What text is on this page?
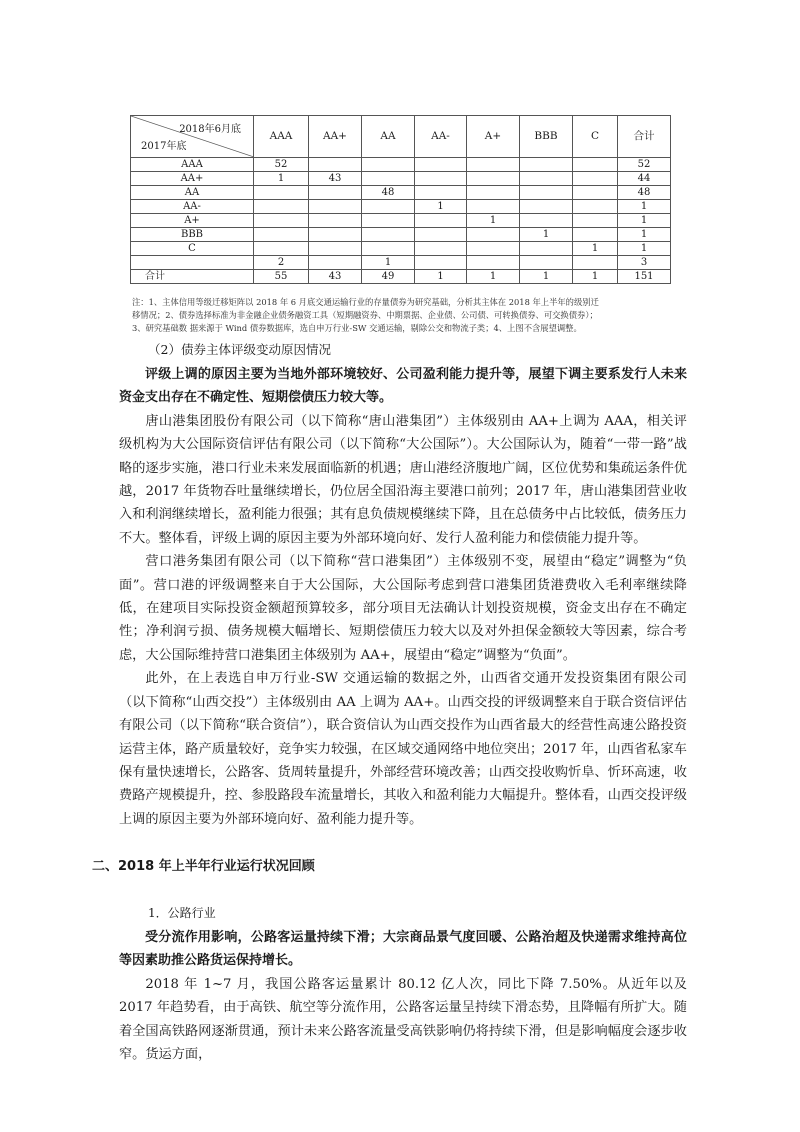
2018年6月底
2017年底	AAA	AA+	AA	AA-	A+	BBB	C	合计
AAA	52							52
AA+	1	43						44
AA			48					48
AA-				1				1
A+					1			1
BBB						1		1
C							1	1
	2		1					3
合计	55	43	49	1	1	1	1	151

注：1、主体信用等级迁移矩阵以 2018 年 6 月底交通运输行业的存量债券为研究基础，分析其主体在 2018 年上半年的级别迁

移情况；2、债券选择标准为非金融企业债务融资工具（短期融资券、中期票据、企业债、公司债、可转换债券、可交换债券）；

3、研究基础数 据来源于 Wind 债券数据库，选自申万行业-SW 交通运输，剔除公交和物流子类；4、上图不含展望调整。

（2）债券主体评级变动原因情况

评级上调的原因主要为当地外部环境较好、公司盈利能力提升等，展望下调主要系发行人未来资金支出存在不确定性、短期偿债压力较大等。

唐山港集团股份有限公司（以下简称“唐山港集团”）主体级别由 AA+上调为 AAA，相关评级机构为大公国际资信评估有限公司（以下简称“大公国际”）。大公国际认为，随着“一带一路”战略的逐步实施，港口行业未来发展面临新的机遇；唐山港经济腹地广阔，区位优势和集疏运条件优越，2017 年货物吞吐量继续增长，仍位居全国沿海主要港口前列；2017 年，唐山港集团营业收入和利润继续增长，盈利能力很强；其有息负债规模继续下降，且在总债务中占比较低，债务压力不大。整体看，评级上调的原因主要为外部环境向好、发行人盈利能力和偿债能力提升等。

营口港务集团有限公司（以下简称“营口港集团”）主体级别不变，展望由“稳定”调整为“负面”。营口港的评级调整来自于大公国际，大公国际考虑到营口港集团货港费收入毛利率继续降低，在建项目实际投资金额超预算较多，部分项目无法确认计划投资规模，资金支出存在不确定性；净利润亏损、债务规模大幅增长、短期偿债压力较大以及对外担保金额较大等因素，综合考虑，大公国际维持营口港集团主体级别为 AA+，展望由“稳定”调整为“负面”。

此外，在上表选自申万行业-SW 交通运输的数据之外，山西省交通开发投资集团有限公司（以下简称“山西交投”）主体级别由 AA 上调为 AA+。山西交投的评级调整来自于联合资信评估有限公司（以下简称“联合资信”），联合资信认为山西交投作为山西省最大的经营性高速公路投资运营主体，路产质量较好，竞争实力较强，在区域交通网络中地位突出；2017 年，山西省私家车保有量快速增长，公路客、货周转量提升，外部经营环境改善；山西交投收购忻阜、忻环高速，收费路产规模提升，控、参股路段车流量增长，其收入和盈利能力大幅提升。整体看，山西交投评级上调的原因主要为外部环境向好、盈利能力提升等。

二、2018 年上半年行业运行状况回顾
1．公路行业

受分流作用影响，公路客运量持续下滑；大宗商品景气度回暖、公路治超及快递需求维持高位等因素助推公路货运保持增长。

2018 年 1~7 月，我国公路客运量累计 80.12 亿人次，同比下降 7.50%。从近年以及 2017 年趋势看，由于高铁、航空等分流作用，公路客运量呈持续下滑态势，且降幅有所扩大。随着全国高铁路网逐渐贯通，预计未来公路客流量受高铁影响仍将持续下滑，但是影响幅度会逐步收窄。货运方面，
